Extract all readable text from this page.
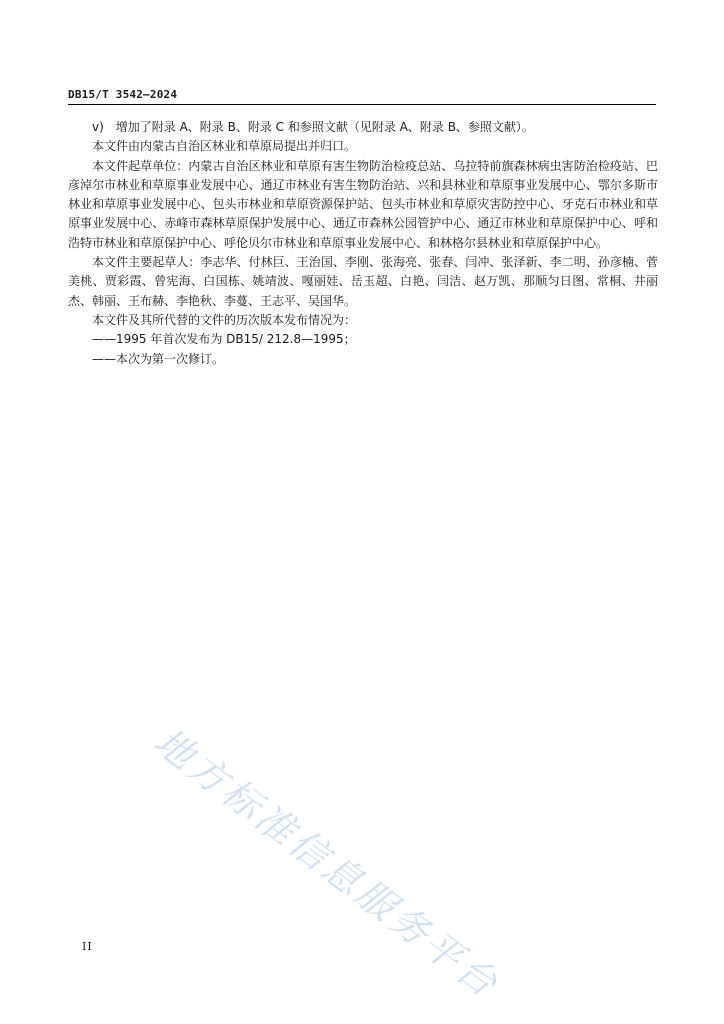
DB15/T 3542—2024

v)　增加了附录 A、附录 B、附录 C 和参照文献（见附录 A、附录 B、参照文献）。

本文件由内蒙古自治区林业和草原局提出并归口。

本文件起草单位：内蒙古自治区林业和草原有害生物防治检疫总站、乌拉特前旗森林病虫害防治检疫站、巴彦淖尔市林业和草原事业发展中心、通辽市林业有害生物防治站、兴和县林业和草原事业发展中心、鄂尔多斯市林业和草原事业发展中心、包头市林业和草原资源保护站、包头市林业和草原灾害防控中心、牙克石市林业和草原事业发展中心、赤峰市森林草原保护发展中心、通辽市森林公园管护中心、通辽市林业和草原保护中心、呼和浩特市林业和草原保护中心、呼伦贝尔市林业和草原事业发展中心、和林格尔县林业和草原保护中心。

本文件主要起草人：李志华、付林巨、王治国、李刚、张海亮、张春、闫冲、张泽新、李二明、孙彦楠、菅美桃、贾彩霞、曾宪海、白国栋、姚靖波、嘎丽娃、岳玉超、白艳、闫洁、赵万凯、那顺匀日图、常桐、井丽杰、韩丽、王布赫、李艳秋、李蔓、王志平、吴国华。

本文件及其所代替的文件的历次版本发布情况为：

——1995 年首次发布为 DB15/ 212.8—1995；

——本次为第一次修订。

地方标准信息服务平台
II
